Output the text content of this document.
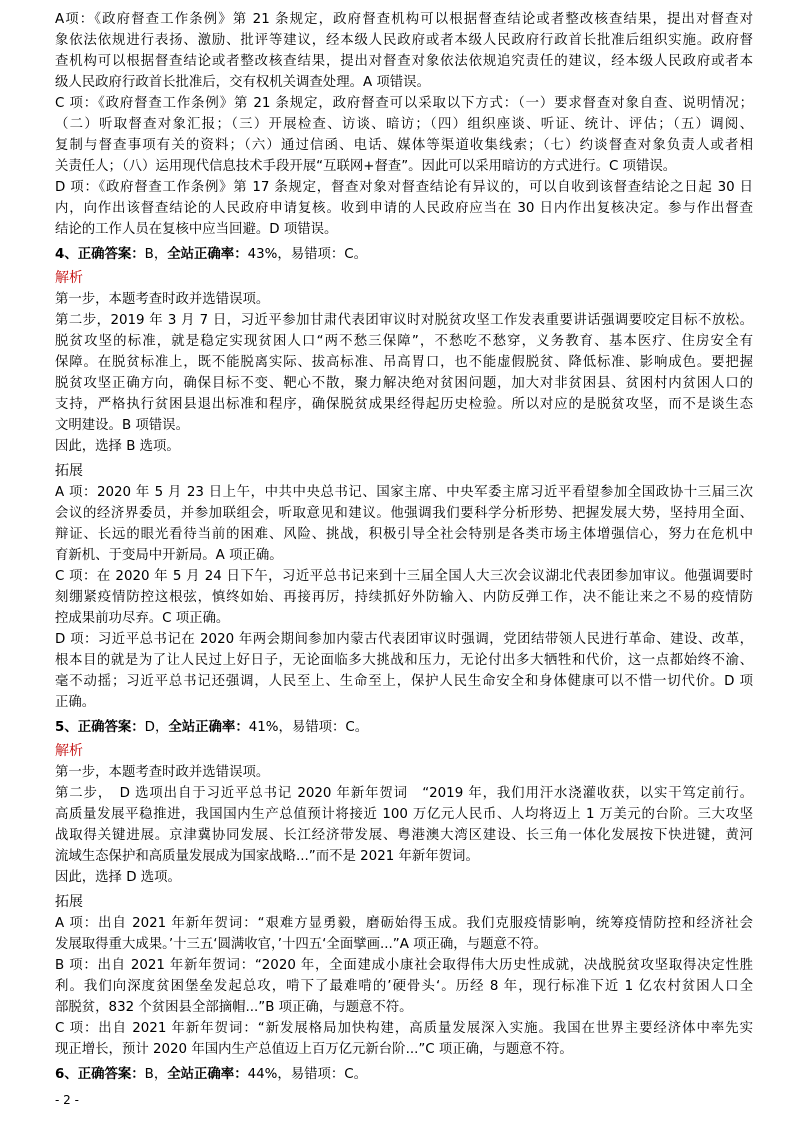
A项：《政府督查工作条例》第 21 条规定，政府督查机构可以根据督查结论或者整改核查结果，提出对督查对
象依法依规进行表扬、激励、批评等建议，经本级人民政府或者本级人民政府行政首长批准后组织实施。政府督
查机构可以根据督查结论或者整改核查结果，提出对督查对象依法依规追究责任的建议，经本级人民政府或者本
级人民政府行政首长批准后，交有权机关调查处理。A 项错误。
C 项：《政府督查工作条例》第 21 条规定，政府督查可以采取以下方式：（一）要求督查对象自查、说明情况；
（二）听取督查对象汇报；（三）开展检查、访谈、暗访；（四）组织座谈、听证、统计、评估；（五）调阅、
复制与督查事项有关的资料；（六）通过信函、电话、媒体等渠道收集线索；（七）约谈督查对象负责人或者相
关责任人；（八）运用现代信息技术手段开展“互联网+督查”。因此可以采用暗访的方式进行。C 项错误。
D 项：《政府督查工作条例》第 17 条规定，督查对象对督查结论有异议的，可以自收到该督查结论之日起 30 日
内，向作出该督查结论的人民政府申请复核。收到申请的人民政府应当在 30 日内作出复核决定。参与作出督查
结论的工作人员在复核中应当回避。D 项错误。
4、正确答案：B，全站正确率：43%，易错项：C。
解析
第一步，本题考查时政并选错误项。
第二步，2019 年 3 月 7 日，习近平参加甘肃代表团审议时对脱贫攻坚工作发表重要讲话强调要咬定目标不放松。
脱贫攻坚的标准，就是稳定实现贫困人口“两不愁三保障”，不愁吃不愁穿，义务教育、基本医疗、住房安全有
保障。在脱贫标准上，既不能脱离实际、拔高标准、吊高胃口，也不能虚假脱贫、降低标准、影响成色。要把握
脱贫攻坚正确方向，确保目标不变、靶心不散，聚力解决绝对贫困问题，加大对非贫困县、贫困村内贫困人口的
支持，严格执行贫困县退出标准和程序，确保脱贫成果经得起历史检验。所以对应的是脱贫攻坚，而不是谈生态
文明建设。B 项错误。
因此，选择 B 选项。
拓展
A 项：2020 年 5 月 23 日上午，中共中央总书记、国家主席、中央军委主席习近平看望参加全国政协十三届三次
会议的经济界委员，并参加联组会，听取意见和建议。他强调我们要科学分析形势、把握发展大势，坚持用全面、
辩证、长远的眼光看待当前的困难、风险、挑战，积极引导全社会特别是各类市场主体增强信心，努力在危机中
育新机、于变局中开新局。A 项正确。
C 项：在 2020 年 5 月 24 日下午，习近平总书记来到十三届全国人大三次会议湖北代表团参加审议。他强调要时
刻绷紧疫情防控这根弦，慎终如始、再接再厉，持续抓好外防输入、内防反弹工作，决不能让来之不易的疫情防
控成果前功尽弃。C 项正确。
D 项：习近平总书记在 2020 年两会期间参加内蒙古代表团审议时强调，党团结带领人民进行革命、建设、改革，
根本目的就是为了让人民过上好日子，无论面临多大挑战和压力，无论付出多大牺牲和代价，这一点都始终不渝、
毫不动摇；习近平总书记还强调，人民至上、生命至上，保护人民生命安全和身体健康可以不惜一切代价。D 项
正确。
5、正确答案：D，全站正确率：41%，易错项：C。
解析
第一步，本题考查时政并选错误项。
第二步，　D 选项出自于习近平总书记 2020 年新年贺词　“2019 年，我们用汗水浇灌收获，以实干笃定前行。
高质量发展平稳推进，我国国内生产总值预计将接近 100 万亿元人民币、人均将迈上 1 万美元的台阶。三大攻坚
战取得关键进展。京津冀协同发展、长江经济带发展、粤港澳大湾区建设、长三角一体化发展按下快进键，黄河
流域生态保护和高质量发展成为国家战略...”而不是 2021 年新年贺词。
因此，选择 D 选项。
拓展
A 项：出自 2021 年新年贺词：“艰难方显勇毅，磨砺始得玉成。我们克服疫情影响，统筹疫情防控和经济社会
发展取得重大成果。’十三五‘圆满收官，’十四五‘全面擘画...”A 项正确，与题意不符。
B 项：出自 2021 年新年贺词：“2020 年，全面建成小康社会取得伟大历史性成就，决战脱贫攻坚取得决定性胜
利。我们向深度贫困堡垒发起总攻，啃下了最难啃的’硬骨头‘。历经 8 年，现行标准下近 1 亿农村贫困人口全
部脱贫，832 个贫困县全部摘帽...”B 项正确，与题意不符。
C 项：出自 2021 年新年贺词：“新发展格局加快构建，高质量发展深入实施。我国在世界主要经济体中率先实
现正增长，预计 2020 年国内生产总值迈上百万亿元新台阶...”C 项正确，与题意不符。
6、正确答案：B，全站正确率：44%，易错项：C。
- 2 -
